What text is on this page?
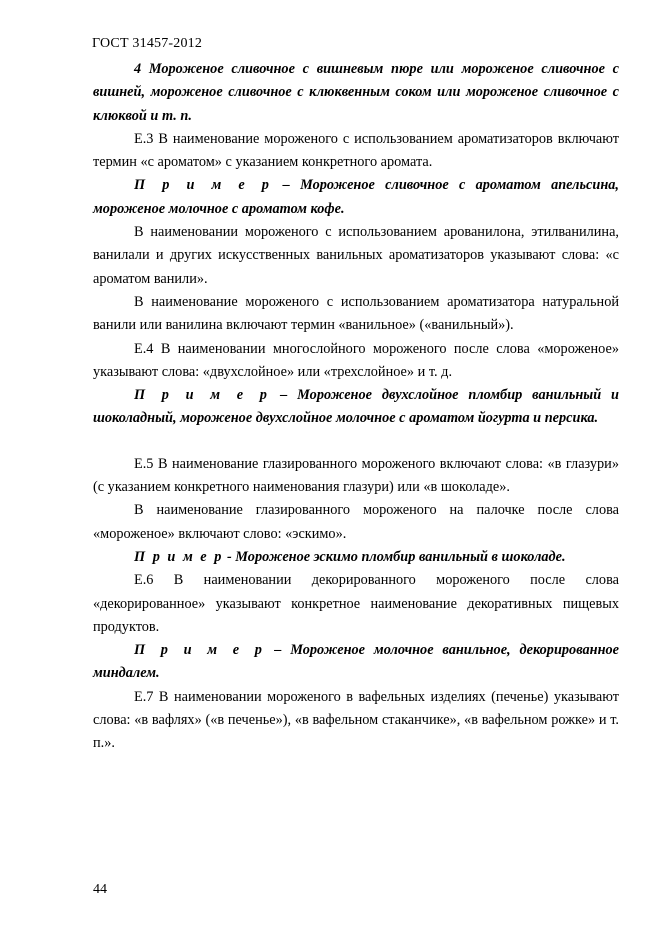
ГОСТ 31457-2012

4 Мороженое сливочное с вишневым пюре или мороженое сливочное с вишней, мороженое сливочное с клюквенным соком или мороженое сливочное с клюквой и т. п.

Е.3 В наименование мороженого с использованием ароматизаторов включают термин «с ароматом» с указанием конкретного аромата.

П р и м е р – Мороженое сливочное с ароматом апельсина, мороженое молочное с ароматом кофе.

В наименовании мороженого с использованием арованилона, этилванилина, ванилали и других искусственных ванильных ароматизаторов указывают слова: «с ароматом ванили».

В наименование мороженого с использованием ароматизатора натуральной ванили или ванилина включают термин «ванильное» («ванильный»).

Е.4 В наименовании многослойного мороженого после слова «мороженое» указывают слова: «двухслойное» или «трехслойное» и т. д.

П р и м е р – Мороженое двухслойное пломбир ванильный и шоколадный, мороженое двухслойное молочное с ароматом йогурта и персика.

Е.5 В наименование глазированного мороженого включают слова: «в глазури» (с указанием конкретного наименования глазури) или «в шоколаде».

В наименование глазированного мороженого на палочке после слова «мороженое» включают слово: «эскимо».

П р и м е р - Мороженое эскимо пломбир ванильный в шоколаде.

Е.6 В наименовании декорированного мороженого после слова «декорированное» указывают конкретное наименование декоративных пищевых продуктов.

П р и м е р – Мороженое молочное ванильное, декорированное миндалем.

Е.7 В наименовании мороженого в вафельных изделиях (печенье) указывают слова: «в вафлях» («в печенье»), «в вафельном стаканчике», «в вафельном рожке» и т. п.».

44
